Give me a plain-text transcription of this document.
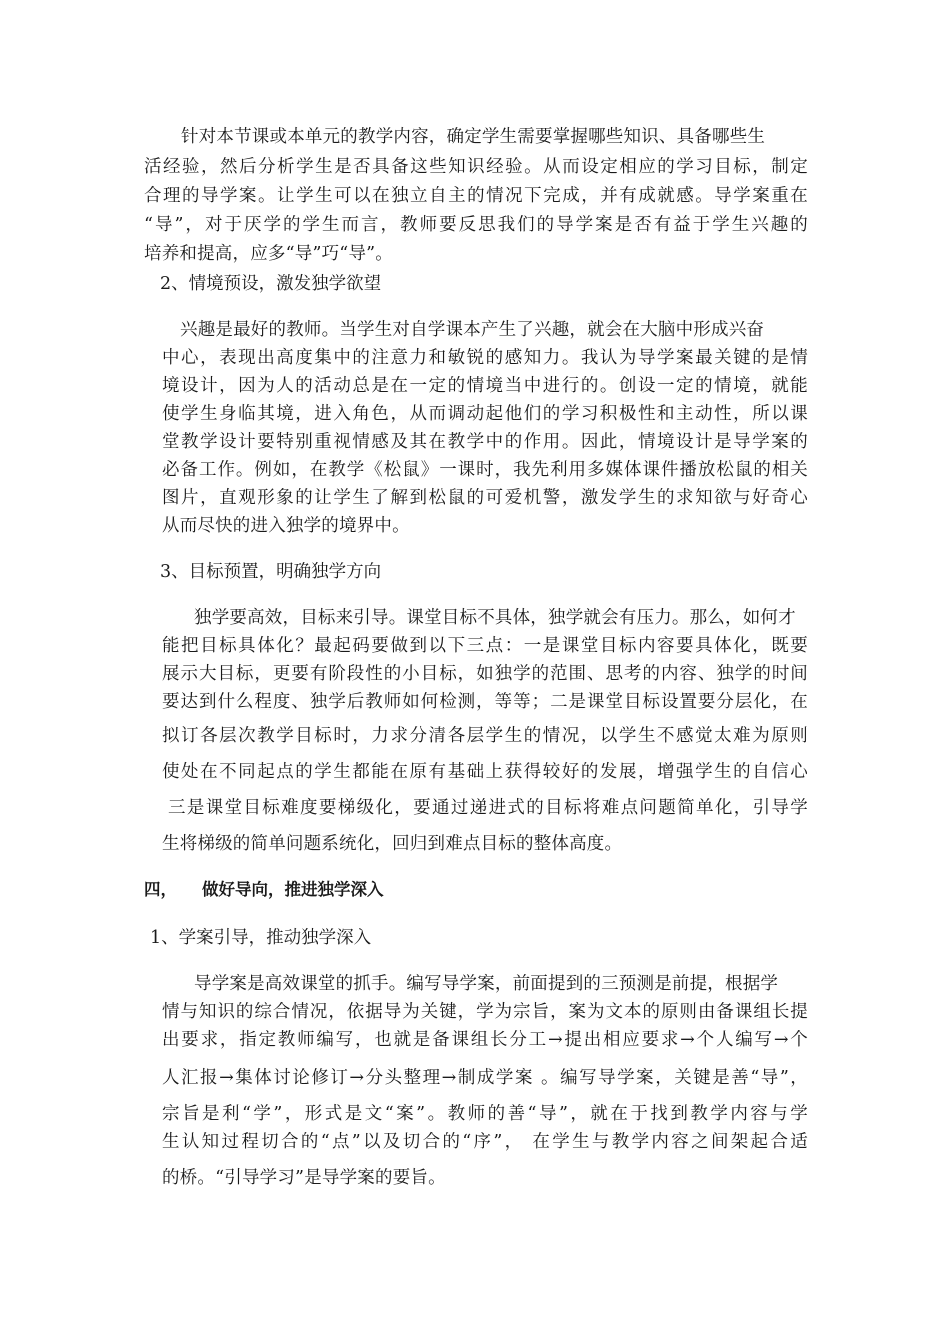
针对本节课或本单元的教学内容，确定学生需要掌握哪些知识、具备哪些生

活经验，然后分析学生是否具备这些知识经验。从而设定相应的学习目标，制定

合理的导学案。让学生可以在独立自主的情况下完成，并有成就感。导学案重在

“导”，对于厌学的学生而言，教师要反思我们的导学案是否有益于学生兴趣的

培养和提高，应多“导”巧“导”。

2、情境预设，激发独学欲望

兴趣是最好的教师。当学生对自学课本产生了兴趣，就会在大脑中形成兴奋

中心，表现出高度集中的注意力和敏锐的感知力。我认为导学案最关键的是情

境设计，因为人的活动总是在一定的情境当中进行的。创设一定的情境，就能

使学生身临其境，进入角色，从而调动起他们的学习积极性和主动性，所以课

堂教学设计要特别重视情感及其在教学中的作用。因此，情境设计是导学案的

必备工作。例如，在教学《松鼠》一课时，我先利用多媒体课件播放松鼠的相关

图片，直观形象的让学生了解到松鼠的可爱机警，激发学生的求知欲与好奇心

从而尽快的进入独学的境界中。

3、目标预置，明确独学方向

独学要高效，目标来引导。课堂目标不具体，独学就会有压力。那么，如何才

能把目标具体化？最起码要做到以下三点：一是课堂目标内容要具体化，既要

展示大目标，更要有阶段性的小目标，如独学的范围、思考的内容、独学的时间

要达到什么程度、独学后教师如何检测，等等；二是课堂目标设置要分层化，在

拟订各层次教学目标时，力求分清各层学生的情况，以学生不感觉太难为原则

使处在不同起点的学生都能在原有基础上获得较好的发展，增强学生的自信心

三是课堂目标难度要梯级化，要通过递进式的目标将难点问题简单化，引导学

生将梯级的简单问题系统化，回归到难点目标的整体高度。

四， 做好导向，推进独学深入
1、学案引导，推动独学深入

导学案是高效课堂的抓手。编写导学案，前面提到的三预测是前提，根据学

情与知识的综合情况，依据导为关键，学为宗旨，案为文本的原则由备课组长提

出要求，指定教师编写，也就是备课组长分工→提出相应要求→个人编写→个

人汇报→集体讨论修订→分头整理→制成学案 。编写导学案，关键是善“导”，

宗旨是利“学”，形式是文“案”。教师的善“导”，就在于找到教学内容与学

生认知过程切合的“点”以及切合的“序”， 在学生与教学内容之间架起合适

的桥。“引导学习”是导学案的要旨。
